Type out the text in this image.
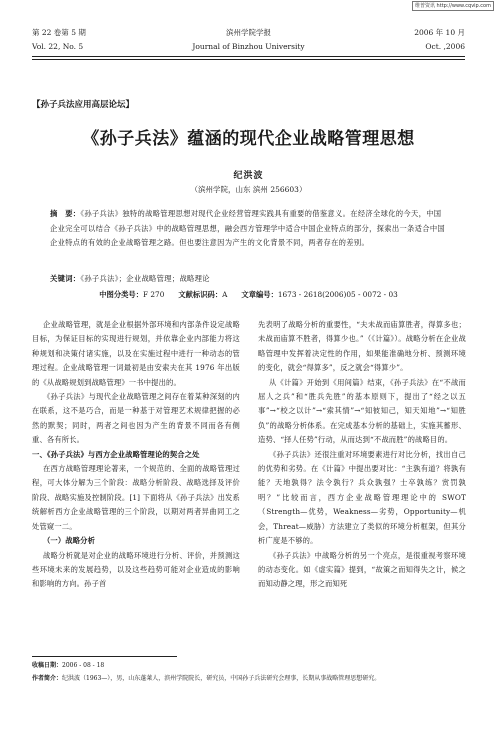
维普资讯 http://www.cqvip.com
第 22 卷第 5 期	滨州学院学报	2006 年 10 月
Vol. 22, No. 5	Journal of Binzhou University	Oct. ,2006
【孙子兵法应用高层论坛】
《孙子兵法》蕴涵的现代企业战略管理思想
纪洪波
（滨州学院，山东 滨州 256603）
摘　要：《孙子兵法》独特的战略管理思想对现代企业经营管理实践具有重要的借鉴意义。在经济全球化的今天，中国企业完全可以结合《孙子兵法》中的战略管理思想，融会西方管理学中适合中国企业特点的部分，探索出一条适合中国企业特点的有效的企业战略管理之路。但也要注意因为产生的文化背景不同，两者存在的差别。
关键词：《孙子兵法》；企业战略管理；战略理论
中图分类号：F 270 文献标识码：A 文章编号：1673 - 2618(2006)05 - 0072 - 03

企业战略管理，就是企业根据外部环境和内部条件设定战略目标，为保证目标的实现进行规划，并依靠企业内部能力将这种规划和决策付诸实施，以及在实施过程中进行一种动态的管理过程。企业战略管理一词最初是由安索夫在其 1976 年出版的《从战略规划到战略管理》一书中提出的。

《孙子兵法》与现代企业战略管理之间存在着某种深刻的内在联系，这不是巧合，而是一种基于对管理艺术规律把握的必然的默契；同时，两者之间也因为产生的背景不同而各有侧重、各有所长。

一、《孙子兵法》与西方企业战略管理论的契合之处

在西方战略管理理论著来，一个规范的、全面的战略管理过程，可大体分解为三个阶段：战略分析阶段、战略选择及评价阶段、战略实施及控制阶段。[1] 下面将从《孙子兵法》出发系统解析西方企业战略管理的三个阶段，以期对两者异曲同工之处管窥一二。

（一）战略分析

战略分析就是对企业的战略环境进行分析、评价，并预测这些环境未来的发展趋势，以及这些趋势可能对企业造成的影响和影响的方向。孙子首

先表明了战略分析的重要性，“夫未战而庙算胜者，得算多也；未战而庙算不胜者，得算少也。”（《计篇》）。战略分析在企业战略管理中发挥着决定性的作用，如果能准确地分析、预测环境的变化，就会“得算多”，反之就会“得算少”。

从《计篇》开始到《用间篇》结束，《孙子兵法》在“不战而屈人之兵”和“胜兵先胜”的基本原则下，提出了“经之以五事”→“校之以计”→“索其情”→“知彼知己，知天知地”→“知胜负”的战略分析体系。在完成基本分析的基础上，实施其蓄形、造势、“择人任势”行动，从而达到“不战而胜”的战略目的。

《孙子兵法》还很注重对环境要素进行对比分析，找出自己的优势和劣势。在《计篇》中提出要对比：“主孰有道？将孰有能？天地孰得？法令孰行？兵众孰强？士卒孰练？赏罚孰明？”比较而言，西方企业战略管理理论中的 SWOT（Strength—优势，Weakness—劣势，Opportunity—机会，Threat—威胁）方法建立了类似的环境分析框架，但其分析广度是不够的。

《孙子兵法》中战略分析的另一个亮点，是很重视考察环境的动态变化。如《虚实篇》提到，“故策之而知得失之计，候之而知动静之理，形之而知死

收稿日期：2006 - 08 - 18
作者简介：纪洪波（1963—），男，山东蓬莱人，滨州学院院长，研究员，中国孙子兵法研究会理事，长期从事战略管理思想研究。
